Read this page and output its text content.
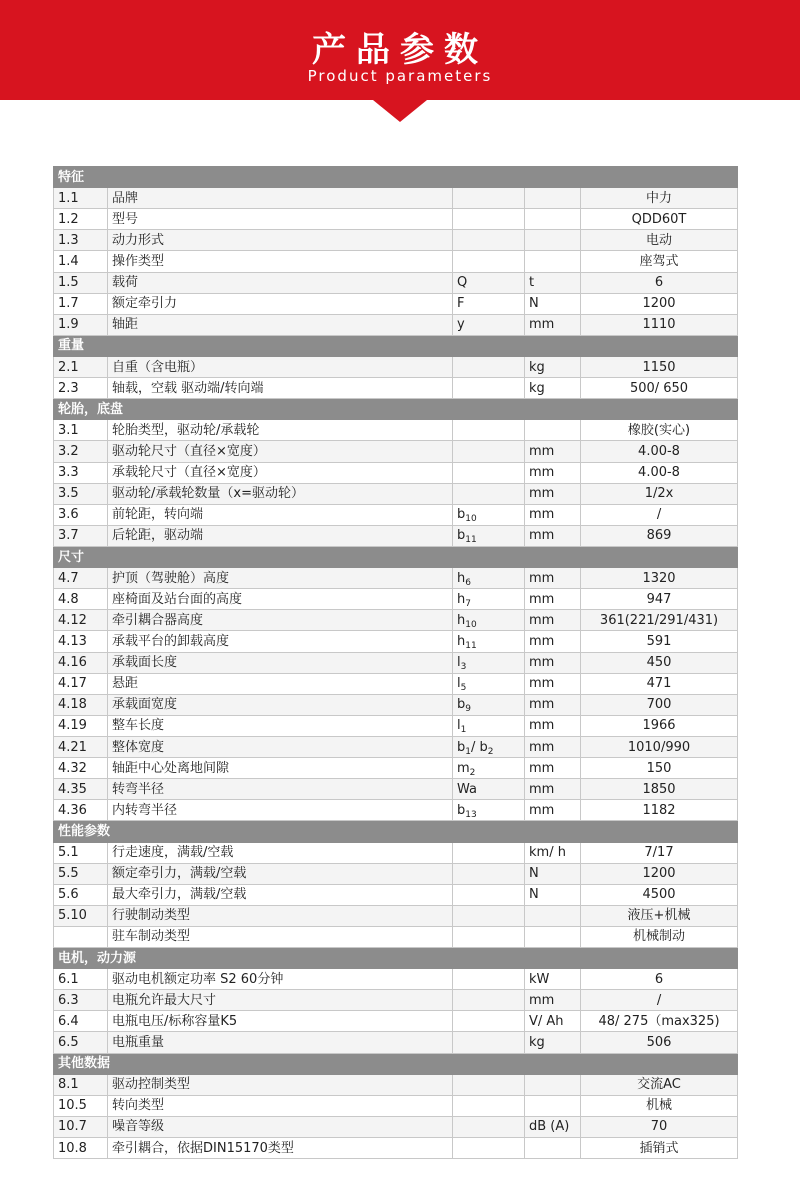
产品参数
Product parameters
特征				
1.1	品牌			中力
1.2	型号			QDD60T
1.3	动力形式			电动
1.4	操作类型			座驾式
1.5	载荷	Q	t	6
1.7	额定牵引力	F	N	1200
1.9	轴距	y	mm	1110
重量				
2.1	自重（含电瓶）		kg	1150
2.3	轴载，空载 驱动端/转向端		kg	500/ 650
轮胎，底盘				
3.1	轮胎类型，驱动轮/承载轮			橡胶(实心)
3.2	驱动轮尺寸（直径×宽度）		mm	4.00-8
3.3	承载轮尺寸（直径×宽度）		mm	4.00-8
3.5	驱动轮/承载轮数量（x=驱动轮）		mm	1/2x
3.6	前轮距，转向端	$b_{10}$	mm	/
3.7	后轮距，驱动端	$b_{11}$	mm	869
尺寸				
4.7	护顶（驾驶舱）高度	$h_6$	mm	1320
4.8	座椅面及站台面的高度	$h_7$	mm	947
4.12	牵引耦合器高度	$h_{10}$	mm	361(221/291/431)
4.13	承载平台的卸载高度	$h_{11}$	mm	591
4.16	承载面长度	$l_3$	mm	450
4.17	悬距	$l_5$	mm	471
4.18	承载面宽度	$b_9$	mm	700
4.19	整车长度	$l_1$	mm	1966
4.21	整体宽度	$b_1/$ $b_2$	mm	1010/990
4.32	轴距中心处离地间隙	$m_2$	mm	150
4.35	转弯半径	Wa	mm	1850
4.36	内转弯半径	$b_{13}$	mm	1182
性能参数				
5.1	行走速度，满载/空载		km/ h	7/17
5.5	额定牵引力，满载/空载		N	1200
5.6	最大牵引力，满载/空载		N	4500
5.10	行驶制动类型			液压+机械
	驻车制动类型			机械制动
电机，动力源				
6.1	驱动电机额定功率 S2 60分钟		kW	6
6.3	电瓶允许最大尺寸		mm	/
6.4	电瓶电压/标称容量K5		V/ Ah	48/ 275（max325)
6.5	电瓶重量		kg	506
其他数据				
8.1	驱动控制类型			交流AC
10.5	转向类型			机械
10.7	噪音等级		dB (A)	70
10.8	牵引耦合，依据DIN15170类型			插销式
